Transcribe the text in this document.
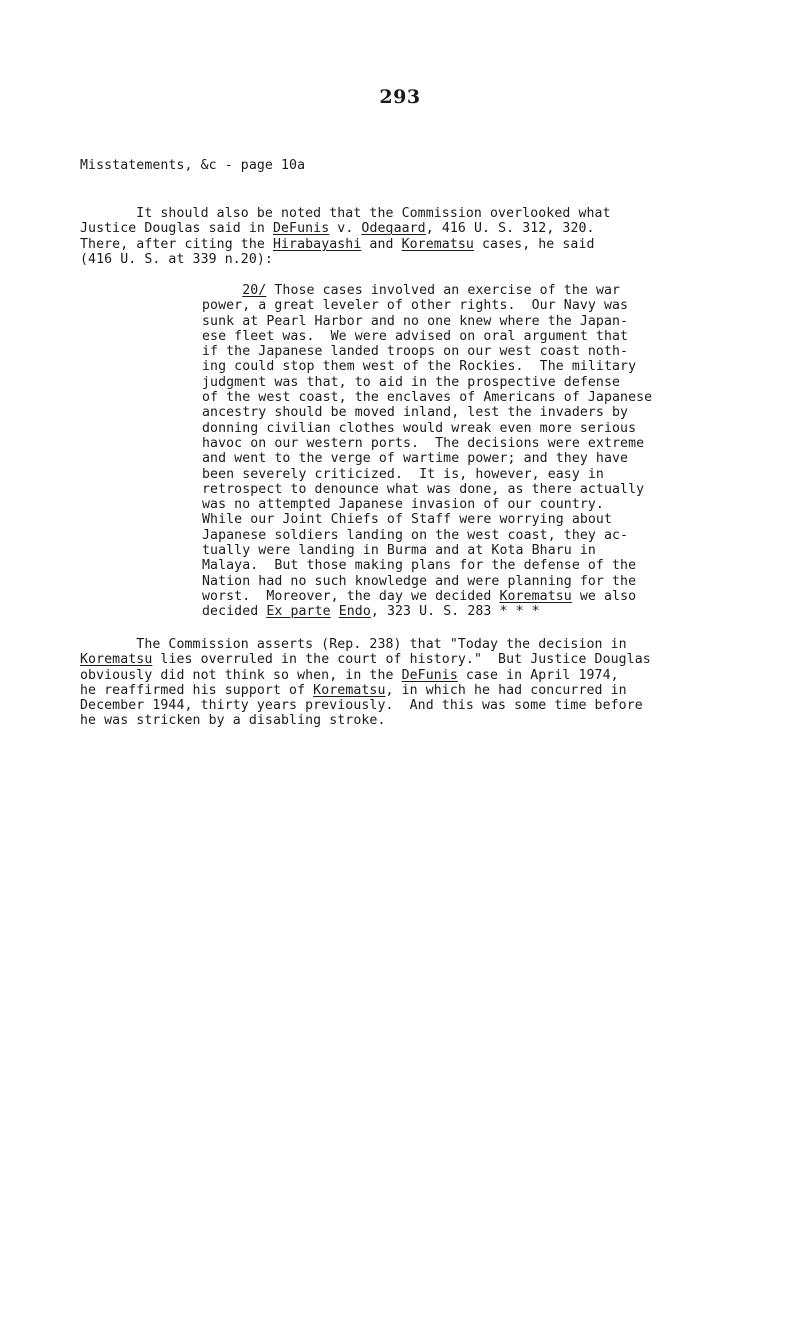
293
Misstatements, &c - page 10a
It should also be noted that the Commission overlooked what
Justice Douglas said in DeFunis v. Odegaard, 416 U. S. 312, 320.
There, after citing the Hirabayashi and Korematsu cases, he said
(416 U. S. at 339 n.20):
20/ Those cases involved an exercise of the war
power, a great leveler of other rights.  Our Navy was
sunk at Pearl Harbor and no one knew where the Japan-
ese fleet was.  We were advised on oral argument that
if the Japanese landed troops on our west coast noth-
ing could stop them west of the Rockies.  The military
judgment was that, to aid in the prospective defense
of the west coast, the enclaves of Americans of Japanese
ancestry should be moved inland, lest the invaders by
donning civilian clothes would wreak even more serious
havoc on our western ports.  The decisions were extreme
and went to the verge of wartime power; and they have
been severely criticized.  It is, however, easy in
retrospect to denounce what was done, as there actually
was no attempted Japanese invasion of our country.
While our Joint Chiefs of Staff were worrying about
Japanese soldiers landing on the west coast, they ac-
tually were landing in Burma and at Kota Bharu in
Malaya.  But those making plans for the defense of the
Nation had no such knowledge and were planning for the
worst.  Moreover, the day we decided Korematsu we also
decided Ex parte Endo, 323 U. S. 283 * * *
The Commission asserts (Rep. 238) that "Today the decision in
Korematsu lies overruled in the court of history."  But Justice Douglas
obviously did not think so when, in the DeFunis case in April 1974,
he reaffirmed his support of Korematsu, in which he had concurred in
December 1944, thirty years previously.  And this was some time before
he was stricken by a disabling stroke.
